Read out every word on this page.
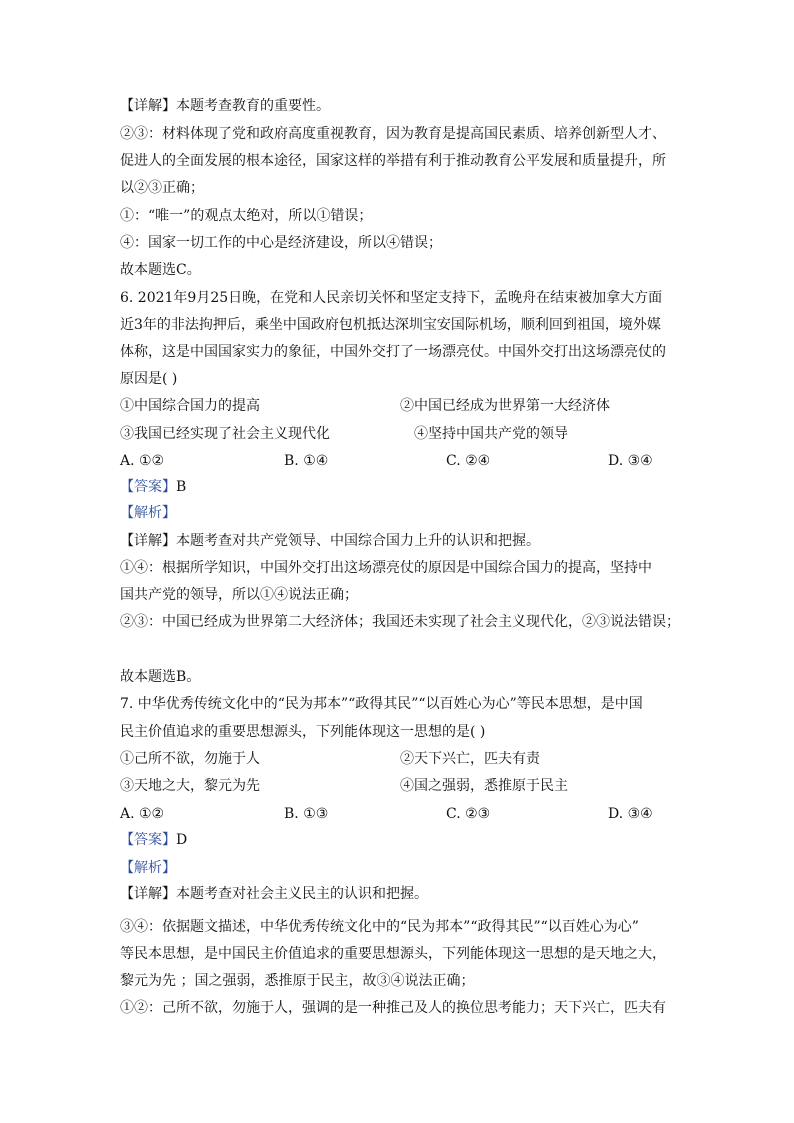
【详解】本题考查教育的重要性。
②③：材料体现了党和政府高度重视教育，因为教育是提高国民素质、培养创新型人才、
促进人的全面发展的根本途径，国家这样的举措有利于推动教育公平发展和质量提升，所
以②③正确；
①：“唯一”的观点太绝对，所以①错误；
④：国家一切工作的中心是经济建设，所以④错误；
故本题选C。
6. 2021年9月25日晚，在党和人民亲切关怀和坚定支持下，孟晚舟在结束被加拿大方面
近3年的非法拘押后，乘坐中国政府包机抵达深圳宝安国际机场，顺利回到祖国，境外媒
体称，这是中国国家实力的象征，中国外交打了一场漂亮仗。中国外交打出这场漂亮仗的
原因是( )
①中国综合国力的提高	②中国已经成为世界第一大经济体
③我国已经实现了社会主义现代化	④坚持中国共产党的领导
A. ①②	B. ①④	C. ②④	D. ③④
【答案】B
【解析】
【详解】本题考查对共产党领导、中国综合国力上升的认识和把握。
①④：根据所学知识，中国外交打出这场漂亮仗的原因是中国综合国力的提高，坚持中
国共产党的领导，所以①④说法正确；
②③：中国已经成为世界第二大经济体；我国还未实现了社会主义现代化，②③说法错误；
故本题选B。
7. 中华优秀传统文化中的“民为邦本”“政得其民”“以百姓心为心”等民本思想，是中国
民主价值追求的重要思想源头，下列能体现这一思想的是( )
①己所不欲，勿施于人	②天下兴亡，匹夫有责
③天地之大，黎元为先	④国之强弱，悉推原于民主
A. ①②	B. ①③	C. ②③	D. ③④
【答案】D
【解析】
【详解】本题考查对社会主义民主的认识和把握。
③④：依据题文描述，中华优秀传统文化中的“民为邦本”“政得其民”“以百姓心为心”
等民本思想，是中国民主价值追求的重要思想源头，下列能体现这一思想的是天地之大，
黎元为先 ；国之强弱，悉推原于民主，故③④说法正确；
①②：己所不欲，勿施于人，强调的是一种推己及人的换位思考能力；天下兴亡，匹夫有
